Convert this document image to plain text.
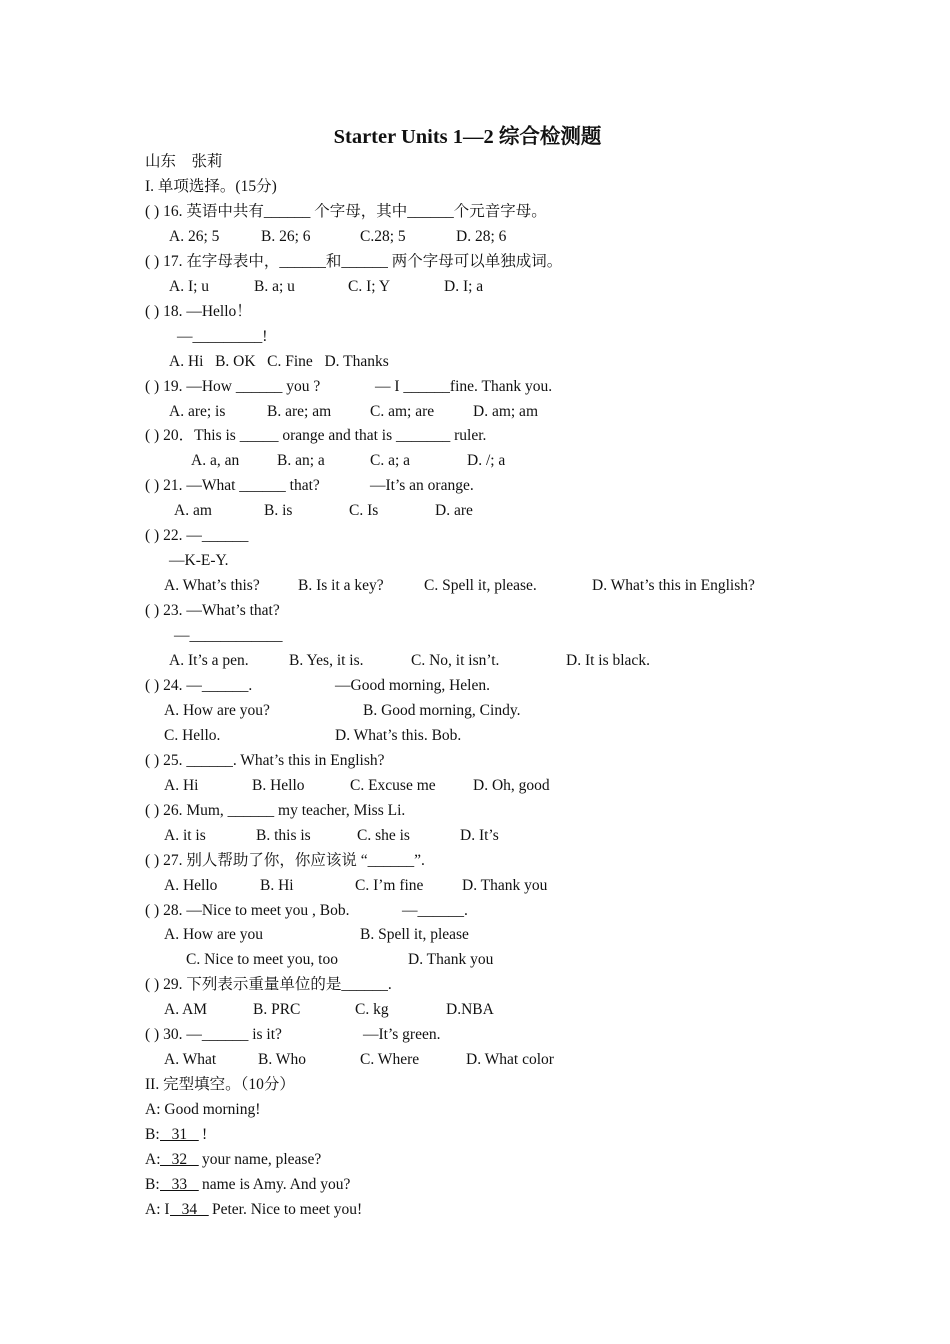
Starter Units 1—2 综合检测题
山东　张莉
I. 单项选择。(15分)
( ) 16. 英语中共有______ 个字母，其中______个元音字母。
A. 26; 5	B. 26; 6	C.28; 5	D. 28; 6
( ) 17. 在字母表中，______和______ 两个字母可以单独成词。
A. I; u	B. a; u	C. I; Y	D. I; a
( ) 18. —Hello！
—_________!
A. Hi   B. OK   C. Fine   D. Thanks
( ) 19. —How ______ you ?	— I ______fine. Thank you.
A. are; is	B. are; am	C. am; are	D. am; am
( ) 20．This is _____ orange and that is _______ ruler.
A. a, an B. an; a	C. a; a	D. /; a
( ) 21. —What ______ that?	—It’s an orange.
A. am	B. is	C. Is	D. are
( ) 22. —______
—K-E-Y.
A. What’s this? B. Is it a key?	C. Spell it, please.	D. What’s this in English?
( ) 23. —What’s that?
—____________
A. It’s a pen.	B. Yes, it is.	C. No, it isn’t.	D. It is black.
( ) 24. —______.	—Good morning, Helen.
A. How are you?	B. Good morning, Cindy.
C. Hello.	D. What’s this. Bob.
( ) 25. ______. What’s this in English?
A. Hi	B. Hello	C. Excuse me D. Oh, good
( ) 26. Mum, ______ my teacher, Miss Li.
A. it is	B. this is	C. she is	D. It’s
( ) 27. 别人帮助了你，你应该说 “______”.
A. Hello	B. Hi	C. I’m fine D. Thank you
( ) 28. —Nice to meet you , Bob.	—______.
A. How are you	B. Spell it, please
C. Nice to meet you, too	D. Thank you
( ) 29. 下列表示重量单位的是______.
A. AM	B. PRC	C. kg	D.NBA
( ) 30. —______ is it?	—It’s green.
A. What	B. Who	C. Where	D. What color
II. 完型填空。（10分）
A: Good morning!
B: 31 !
A: 32 your name, please?
B: 33 name is Amy. And you?
A: I 34 Peter. Nice to meet you!
